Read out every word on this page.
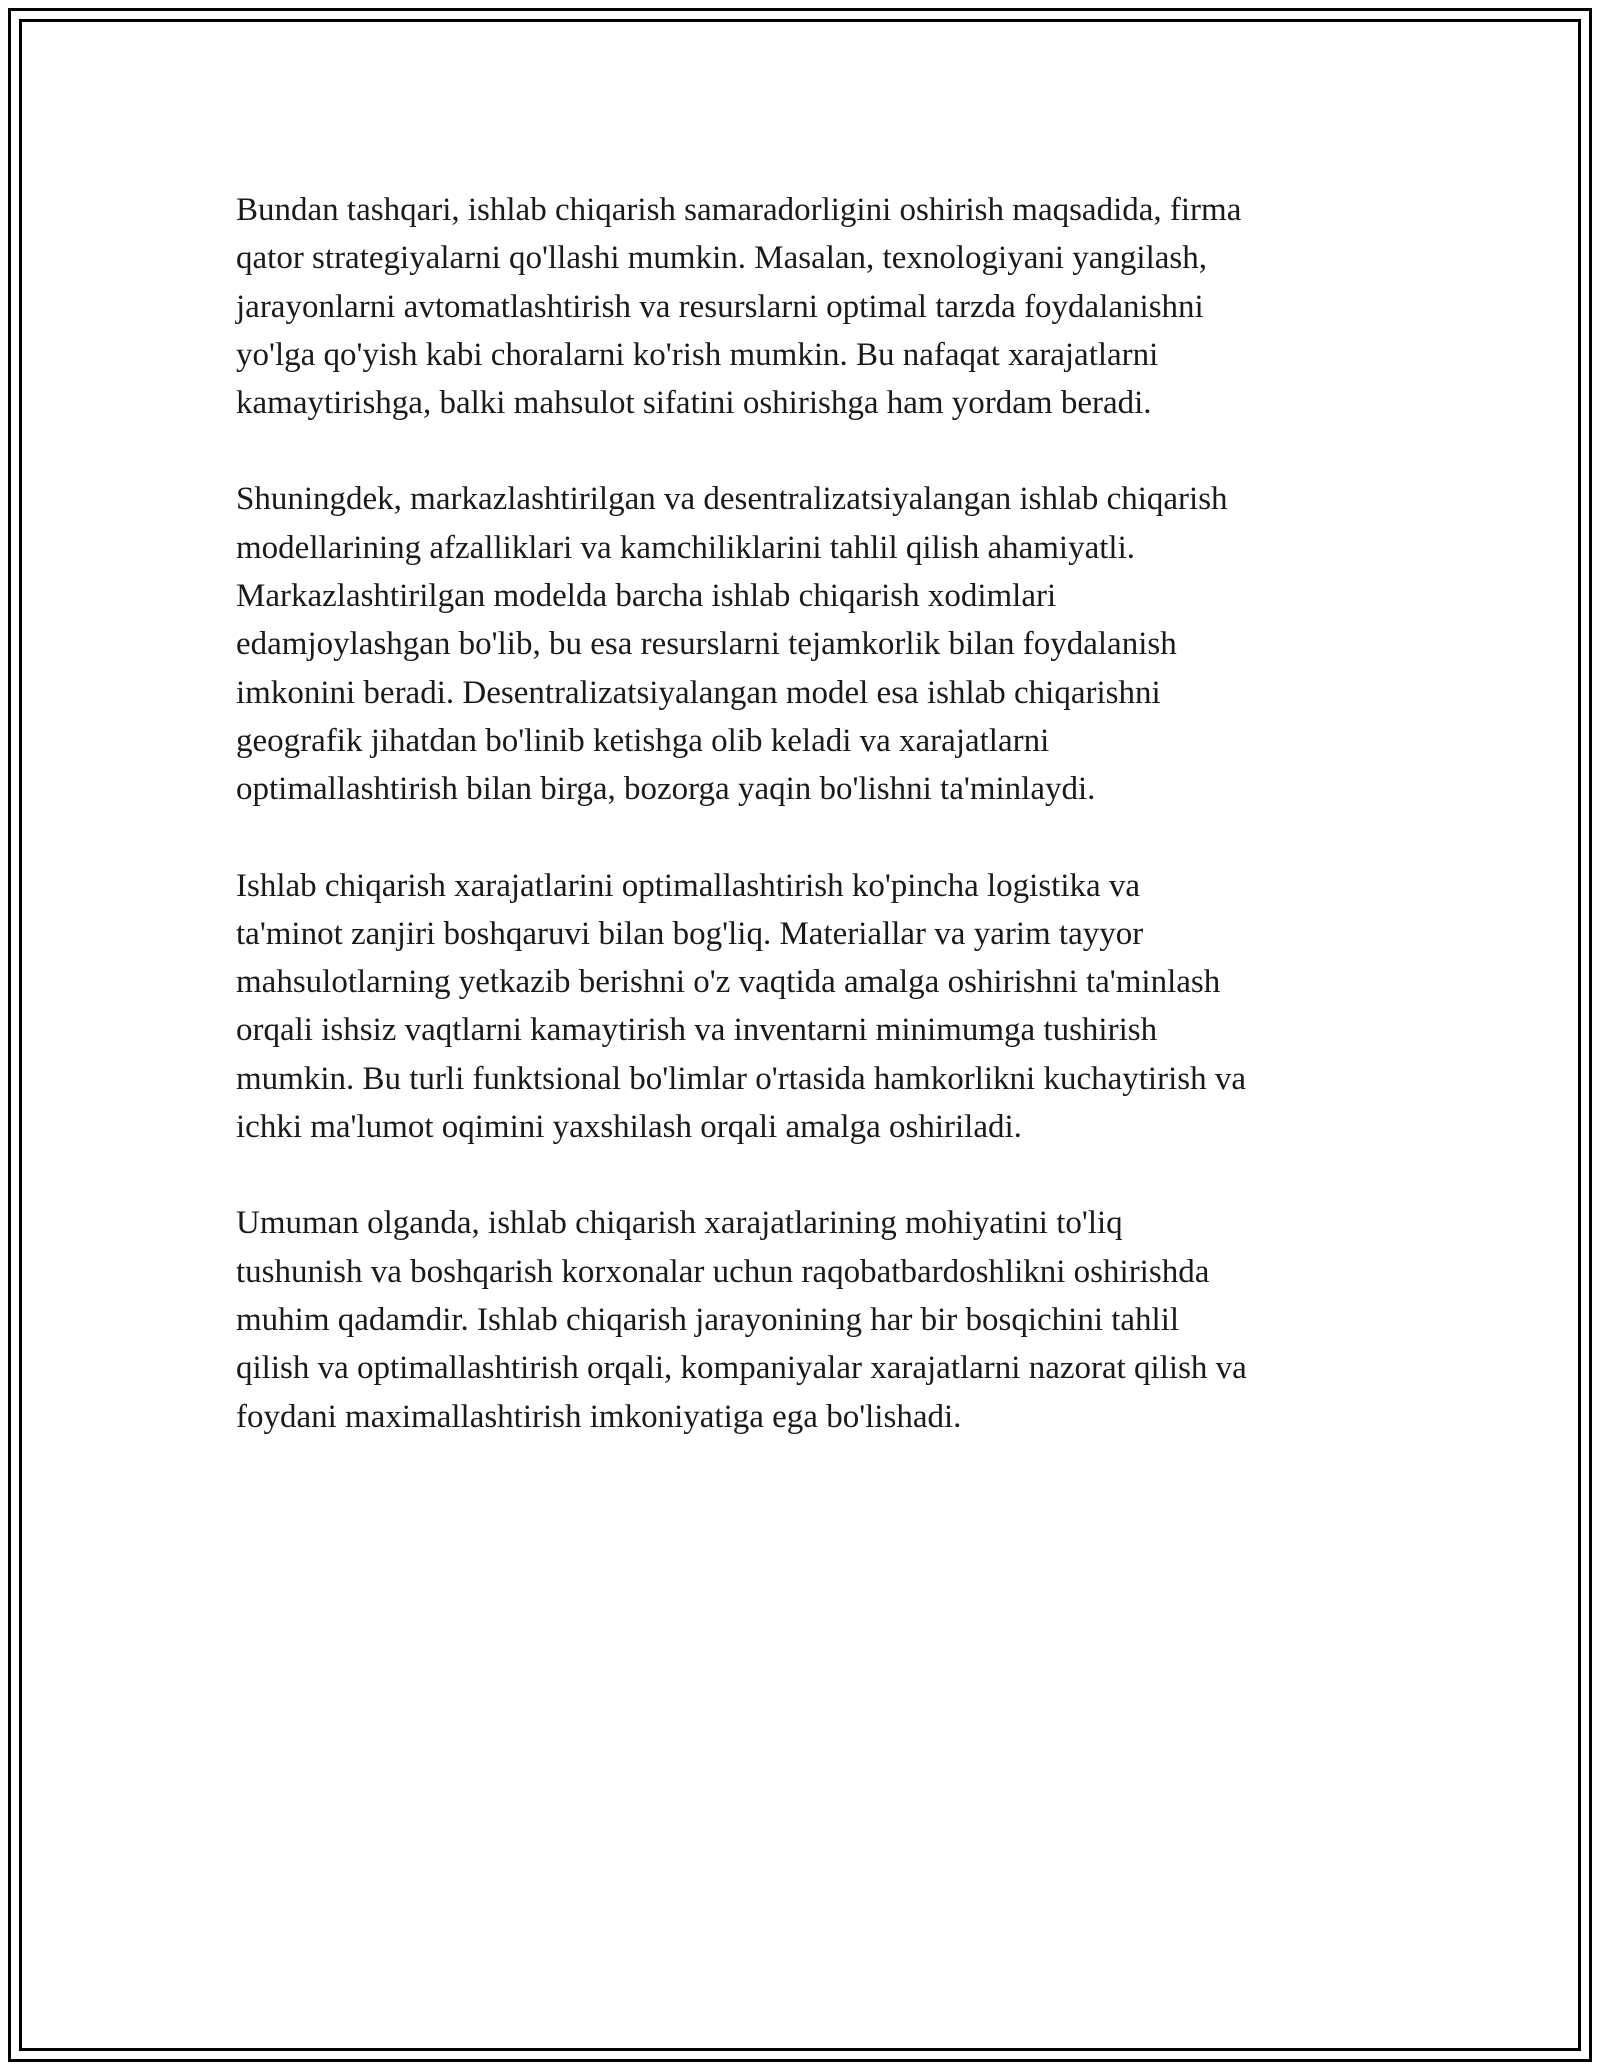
Bundan tashqari, ishlab chiqarish samaradorligini oshirish maqsadida, firma
qator strategiyalarni qo'llashi mumkin. Masalan, texnologiyani yangilash,
jarayonlarni avtomatlashtirish va resurslarni optimal tarzda foydalanishni
yo'lga qo'yish kabi choralarni ko'rish mumkin. Bu nafaqat xarajatlarni
kamaytirishga, balki mahsulot sifatini oshirishga ham yordam beradi.

Shuningdek, markazlashtirilgan va desentralizatsiyalangan ishlab chiqarish
modellarining afzalliklari va kamchiliklarini tahlil qilish ahamiyatli.
Markazlashtirilgan modelda barcha ishlab chiqarish xodimlari
edamjoylashgan bo'lib, bu esa resurslarni tejamkorlik bilan foydalanish
imkonini beradi. Desentralizatsiyalangan model esa ishlab chiqarishni
geografik jihatdan bo'linib ketishga olib keladi va xarajatlarni
optimallashtirish bilan birga, bozorga yaqin bo'lishni ta'minlaydi.

Ishlab chiqarish xarajatlarini optimallashtirish ko'pincha logistika va
ta'minot zanjiri boshqaruvi bilan bog'liq. Materiallar va yarim tayyor
mahsulotlarning yetkazib berishni o'z vaqtida amalga oshirishni ta'minlash
orqali ishsiz vaqtlarni kamaytirish va inventarni minimumga tushirish
mumkin. Bu turli funktsional bo'limlar o'rtasida hamkorlikni kuchaytirish va
ichki ma'lumot oqimini yaxshilash orqali amalga oshiriladi.

Umuman olganda, ishlab chiqarish xarajatlarining mohiyatini to'liq
tushunish va boshqarish korxonalar uchun raqobatbardoshlikni oshirishda
muhim qadamdir. Ishlab chiqarish jarayonining har bir bosqichini tahlil
qilish va optimallashtirish orqali, kompaniyalar xarajatlarni nazorat qilish va
foydani maximallashtirish imkoniyatiga ega bo'lishadi.
